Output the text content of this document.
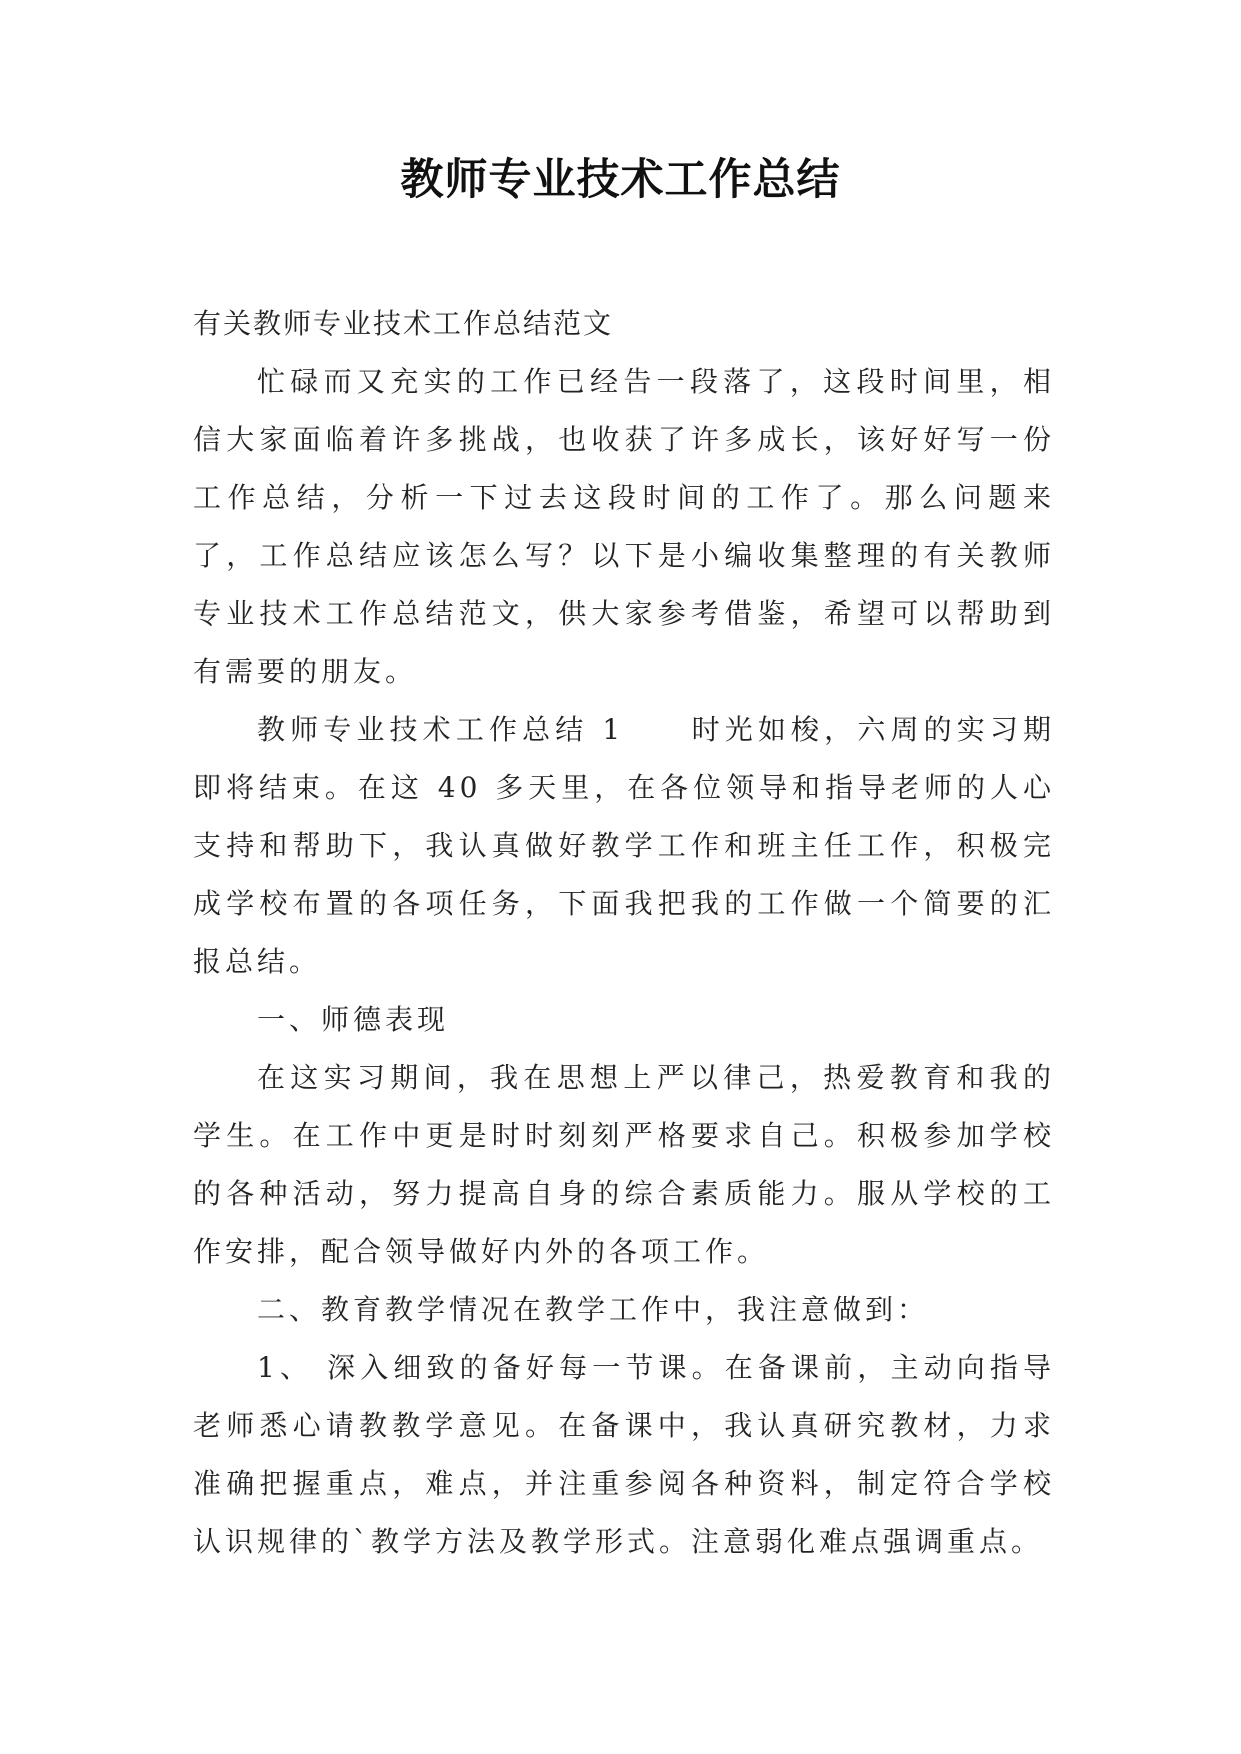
教师专业技术工作总结

有关教师专业技术工作总结范文

忙碌而又充实的工作已经告一段落了，这段时间里，相信大家面临着许多挑战，也收获了许多成长，该好好写一份工作总结，分析一下过去这段时间的工作了。那么问题来了，工作总结应该怎么写？以下是小编收集整理的有关教师专业技术工作总结范文，供大家参考借鉴，希望可以帮助到有需要的朋友。

教师专业技术工作总结 1　　时光如梭，六周的实习期即将结束。在这 40 多天里，在各位领导和指导老师的人心支持和帮助下，我认真做好教学工作和班主任工作，积极完成学校布置的各项任务，下面我把我的工作做一个简要的汇报总结。

一、师德表现

在这实习期间，我在思想上严以律己，热爱教育和我的学生。在工作中更是时时刻刻严格要求自己。积极参加学校的各种活动，努力提高自身的综合素质能力。服从学校的工作安排，配合领导做好内外的各项工作。

二、教育教学情况在教学工作中，我注意做到：

1、 深入细致的备好每一节课。在备课前，主动向指导老师悉心请教教学意见。在备课中，我认真研究教材，力求准确把握重点，难点，并注重参阅各种资料，制定符合学校认识规律的`教学方法及教学形式。注意弱化难点强调重点。
